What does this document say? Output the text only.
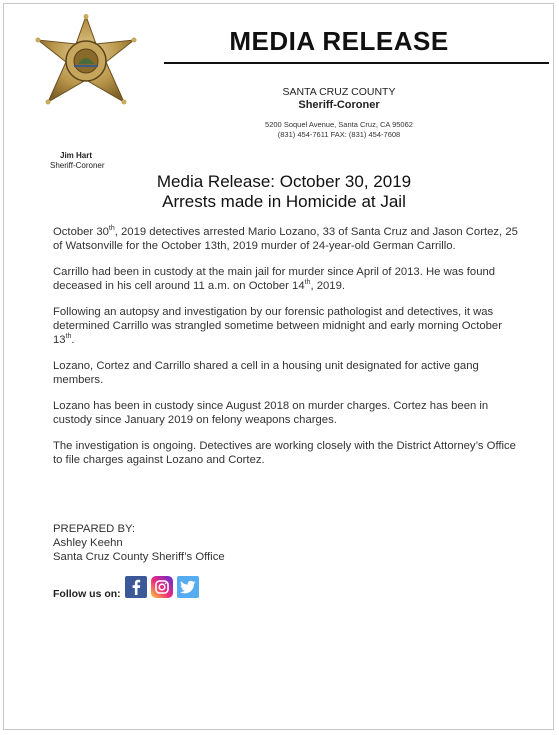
MEDIA RELEASE
SANTA CRUZ COUNTY
Sheriff-Coroner
5200 Soquel Avenue, Santa Cruz, CA 95062
(831) 454-7611 FAX: (831) 454-7608
Jim Hart
Sheriff-Coroner
Media Release: October 30, 2019
Arrests made in Homicide at Jail

October 30th, 2019 detectives arrested Mario Lozano, 33 of Santa Cruz and Jason Cortez, 25 of Watsonville for the October 13th, 2019 murder of 24-year-old German Carrillo.

Carrillo had been in custody at the main jail for murder since April of 2013. He was found deceased in his cell around 11 a.m. on October 14th, 2019.

Following an autopsy and investigation by our forensic pathologist and detectives, it was determined Carrillo was strangled sometime between midnight and early morning October 13th.

Lozano, Cortez and Carrillo shared a cell in a housing unit designated for active gang members.

Lozano has been in custody since August 2018 on murder charges. Cortez has been in custody since January 2019 on felony weapons charges.

The investigation is ongoing. Detectives are working closely with the District Attorney’s Office to file charges against Lozano and Cortez.

PREPARED BY:
Ashley Keehn
Santa Cruz County Sheriff’s Office
Follow us on:
